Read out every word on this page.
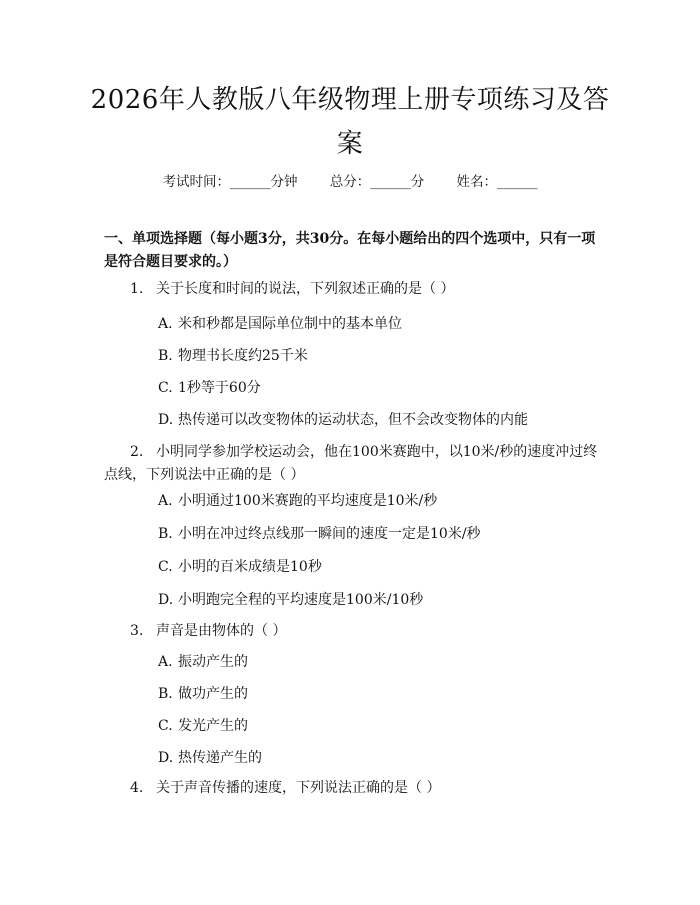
2026年人教版八年级物理上册专项练习及答案
考试时间：______分钟 总分：______分 姓名：______
一、单项选择题（每小题3分，共30分。在每小题给出的四个选项中，只有一项是符合题目要求的。）
1. 关于长度和时间的说法，下列叙述正确的是（ ）
A. 米和秒都是国际单位制中的基本单位
B. 物理书长度约25千米
C. 1秒等于60分
D. 热传递可以改变物体的运动状态，但不会改变物体的内能
2. 小明同学参加学校运动会，他在100米赛跑中，以10米/秒的速度冲过终点线，下列说法中正确的是（ ）
A. 小明通过100米赛跑的平均速度是10米/秒
B. 小明在冲过终点线那一瞬间的速度一定是10米/秒
C. 小明的百米成绩是10秒
D. 小明跑完全程的平均速度是100米/10秒
3. 声音是由物体的（ ）
A. 振动产生的
B. 做功产生的
C. 发光产生的
D. 热传递产生的
4. 关于声音传播的速度，下列说法正确的是（ ）
